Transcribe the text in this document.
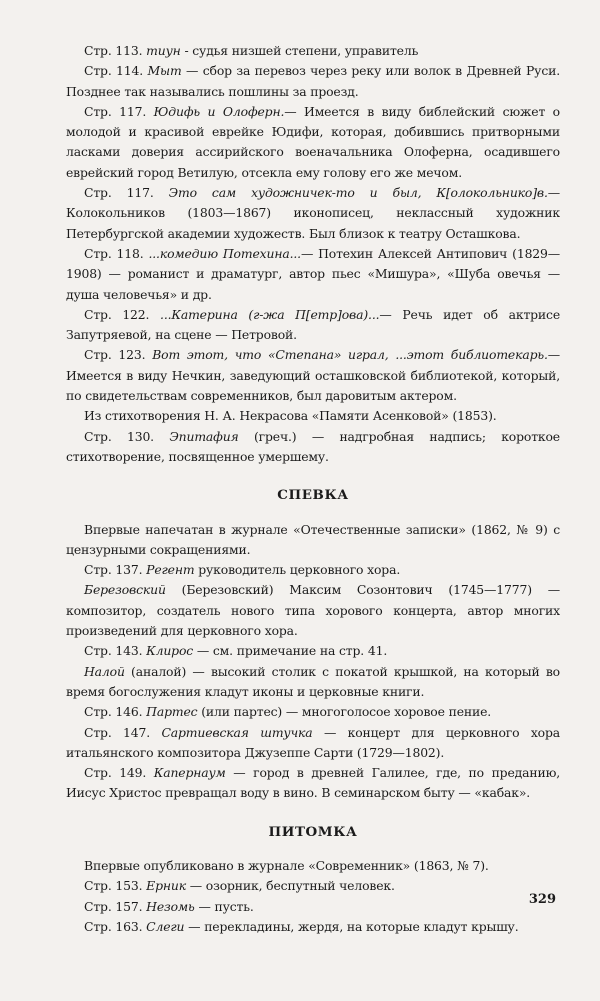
Стр. 113. тиун - судья низшей степени, управитель

Стр. 114. Мыт — сбор за перевоз через реку или волок в Древней Руси. Позднее так назывались пошлины за проезд.

Стр. 117. Юдифь и Олоферн.— Имеется в виду библейский сюжет о молодой и красивой еврейке Юдифи, которая, добившись притворными ласками доверия ассирийского военачальника Олоферна, осадившего еврейский город Ветилую, отсекла ему голову его же мечом.

Стр. 117. Это сам художничек-то и был, К[олокольнико]в.— Колокольников (1803—1867) иконописец, неклассный художник Петербургской академии художеств. Был близок к театру Осташкова.

Стр. 118. ...комедию Потехина...— Потехин Алексей Антипович (1829—1908) — романист и драматург, автор пьес «Мишура», «Шуба овечья — душа человечья» и др.

Стр. 122. ...Катерина (г-жа П[етр]ова)...— Речь идет об актрисе Запутряевой, на сцене — Петровой.

Стр. 123. Вот этот, что «Степана» играл, ...этот библиотекарь.— Имеется в виду Нечкин, заведующий осташковской библиотекой, который, по свидетельствам современников, был даровитым актером.

Из стихотворения Н. А. Некрасова «Памяти Асенковой» (1853).

Стр. 130. Эпитафия (греч.) — надгробная надпись; короткое стихотворение, посвященное умершему.

СПЕВКА

Впервые напечатан в журнале «Отечественные записки» (1862, № 9) с цензурными сокращениями.

Стр. 137. Регент руководитель церковного хора.

Березовский (Березовский) Максим Созонтович (1745—1777) — композитор, создатель нового типа хорового концерта, автор многих произведений для церковного хора.

Стр. 143. Клирос — см. примечание на стр. 41.

Налой (аналой) — высокий столик с покатой крышкой, на который во время богослужения кладут иконы и церковные книги.

Стр. 146. Партес (или партес) — многоголосое хоровое пение.

Стр. 147. Сартиевская штучка — концерт для церковного хора итальянского композитора Джузеппе Сарти (1729—1802).

Стр. 149. Капернаум — город в древней Галилее, где, по преданию, Иисус Христос превращал воду в вино. В семинарском быту — «кабак».

ПИТОМКА

Впервые опубликовано в журнале «Современник» (1863, № 7).

Стр. 153. Ерник — озорник, беспутный человек.

Стр. 157. Незомь — пусть.

Стр. 163. Слеги — перекладины, жердя, на которые кладут крышу.

329
